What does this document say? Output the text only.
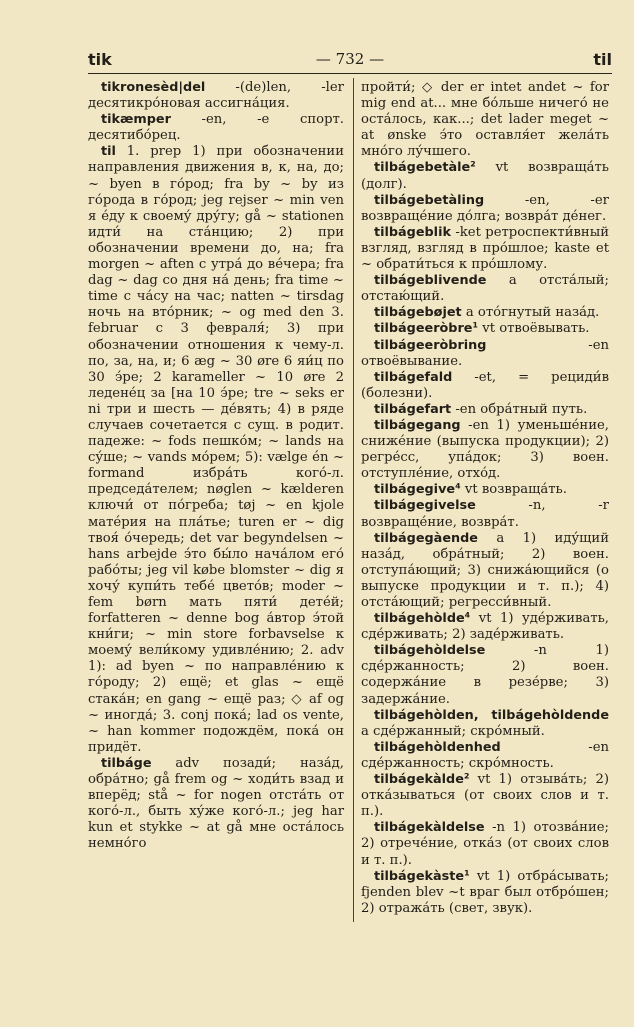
tik	— 732 —	til

tikronesèd|del -(de)len, -ler десятикро́новая ассигна́ция.

tikæmper -en, -e спорт. десятибо́рец.

til 1. prep 1) при обозначении направления движения в, к, на, до; ~ byen в го́род; fra by ~ by из го́рода в го́род; jeg rejser ~ min ven я е́ду к своему́ дру́гу; gå ~ stationen идти́ на ста́нцию; 2) при обозначении времени до, на; fra morgen ~ aften с утра́ до ве́чера; fra dag ~ dag со дня на́ день; fra time ~ time с ча́су на час; natten ~ tirsdag ночь на вто́рник; ~ og med den 3. februar с 3 февраля́; 3) при обозначении отношения к чему-л. по, за, на, и; 6 æg ~ 30 øre 6 яи́ц по 30 э́ре; 2 karameller ~ 10 øre 2 ледене́ц за [на 10 э́ре; tre ~ seks er ni три и шесть — де́вять; 4) в ряде случаев сочетается с сущ. в родит. падеже: ~ fods пешко́м; ~ lands на су́ше; ~ vands мо́рем; 5): vælge én ~ formand избра́ть кого́-л. председа́телем; nøglen ~ kælderen ключи́ от по́греба; tøj ~ en kjole матéрия на пла́тье; turen er ~ dig твоя́ о́чередь; det var begyndelsen ~ hans arbejde э́то бы́ло нача́лом его́ рабо́ты; jeg vil købe blomster ~ dig я хочу́ купи́ть тебе́ цвето́в; moder ~ fem børn мать пяти́ дете́й; forfatteren ~ denne bog а́втор э́той кни́ги; ~ min store forbavselse к моему́ вели́кому удивле́нию; 2. adv 1): ad byen ~ по направле́нию к го́роду; 2) ещё; et glas ~ ещё стака́н; en gang ~ ещё раз; ◇ af og ~ иногда́; 3. conj пока́; lad os vente, ~ han kommer подождём, пока́ он придёт.

tilbáge adv позади́; наза́д, обра́тно; gå frem og ~ ходи́ть взад и вперёд; stå ~ for nogen отста́ть от кого́-л., быть ху́же кого́-л.; jeg har kun et stykke ~ at gå мне оста́лось немно́го

пройти́; ◇ der er intet andet ~ for mig end at... мне бо́льше ничего́ не оста́лось, как...; det lader meget ~ at ønske э́то оставля́ет жела́ть мно́го лу́чшего.

tilbágebetàle² vt возвраща́ть (долг).

tilbágebetàling -en, -er возвраще́ние до́лга; возвра́т де́нег.

tilbágeblik -ket ретроспекти́вный взгляд, взгляд в про́шлое; kaste et ~ обрати́ться к про́шлому.

tilbágeblivende a отста́лый; отстаю́щий.

tilbágebøjet a ото́гнутый наза́д.

tilbágeeròbre¹ vt отвоёвывать.

tilbágeeròbring -en отвоёвывание.

tilbágefald -et, = рециди́в (болезни).

tilbágefart -en обра́тный путь.

tilbágegang -en 1) уменьше́ние, сниже́ние (выпуска продукции); 2) регре́сс, упа́док; 3) воен. отступле́ние, отхо́д.

tilbágegive⁴ vt возвраща́ть.

tilbágegivelse -n, -r возвраще́ние, возвра́т.

tilbágegàende a 1) иду́щий наза́д, обра́тный; 2) воен. отступа́ющий; 3) снижа́ющийся (о выпуске продукции и т. п.); 4) отста́ющий; регресси́вный.

tilbágehòlde⁴ vt 1) уде́рживать, сде́рживать; 2) заде́рживать.

tilbágehòldelse -n 1) сде́ржанность; 2) воен. содержа́ние в резе́рве; 3) задержа́ние.

tilbágehòlden, tilbágehòldende a сде́ржанный; скро́мный.

tilbágehòldenhed -en сде́ржанность; скро́мность.

tilbágekàlde² vt 1) отзыва́ть; 2) отка́зываться (от своих слов и т. п.).

tilbágekàldelse -n 1) отозва́ние; 2) отрече́ние, отка́з (от своих слов и т. п.).

tilbágekàste¹ vt 1) отбра́сывать; fjenden blev ~t враг был отбро́шен; 2) отража́ть (свет, звук).
